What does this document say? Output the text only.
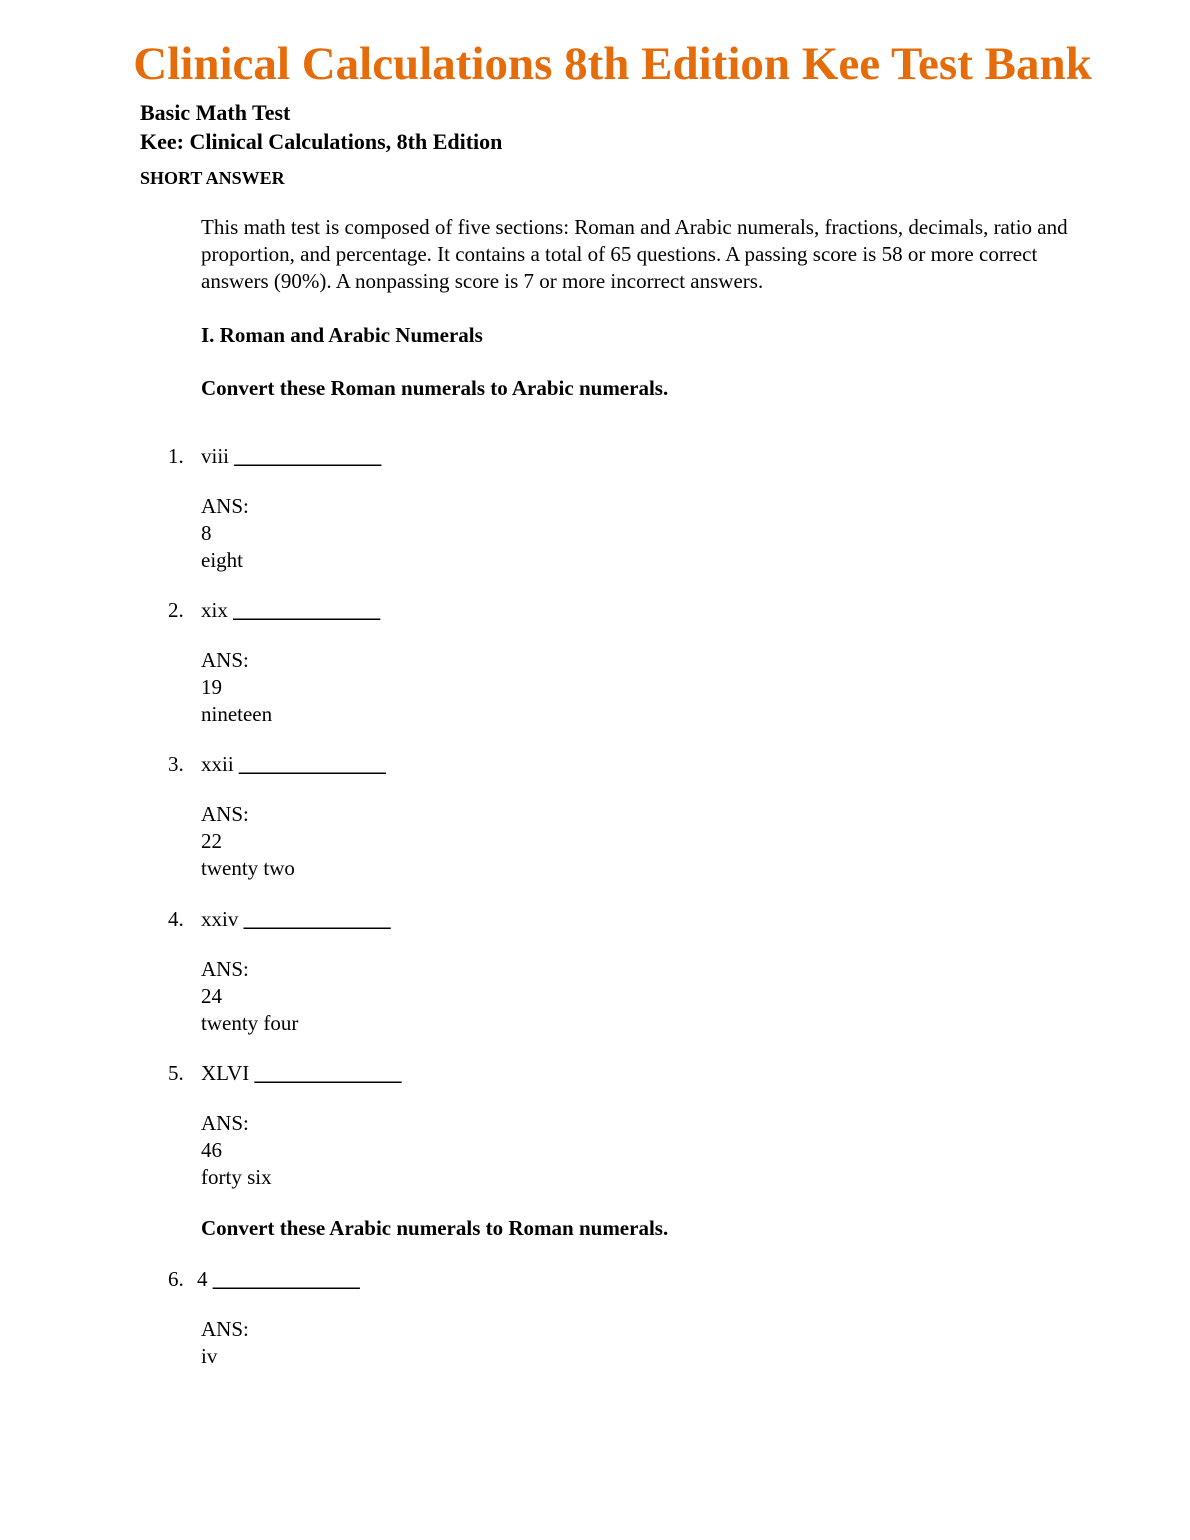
Clinical Calculations 8th Edition Kee Test Bank
Basic Math Test
Kee: Clinical Calculations, 8th Edition
SHORT ANSWER
This math test is composed of five sections: Roman and Arabic numerals, fractions, decimals, ratio and proportion, and percentage. It contains a total of 65 questions. A passing score is 58 or more correct answers (90%). A nonpassing score is 7 or more incorrect answers.
I. Roman and Arabic Numerals
Convert these Roman numerals to Arabic numerals.
Convert these Arabic numerals to Roman numerals.
1. viii ______________
ANS:
8
eight
2. xix ______________
ANS:
19
nineteen
3. xxii ______________
ANS:
22
twenty two
4. xxiv ______________
ANS:
24
twenty four
5. XLVI ______________
ANS:
46
forty six
6. 4 ______________
ANS:
iv
